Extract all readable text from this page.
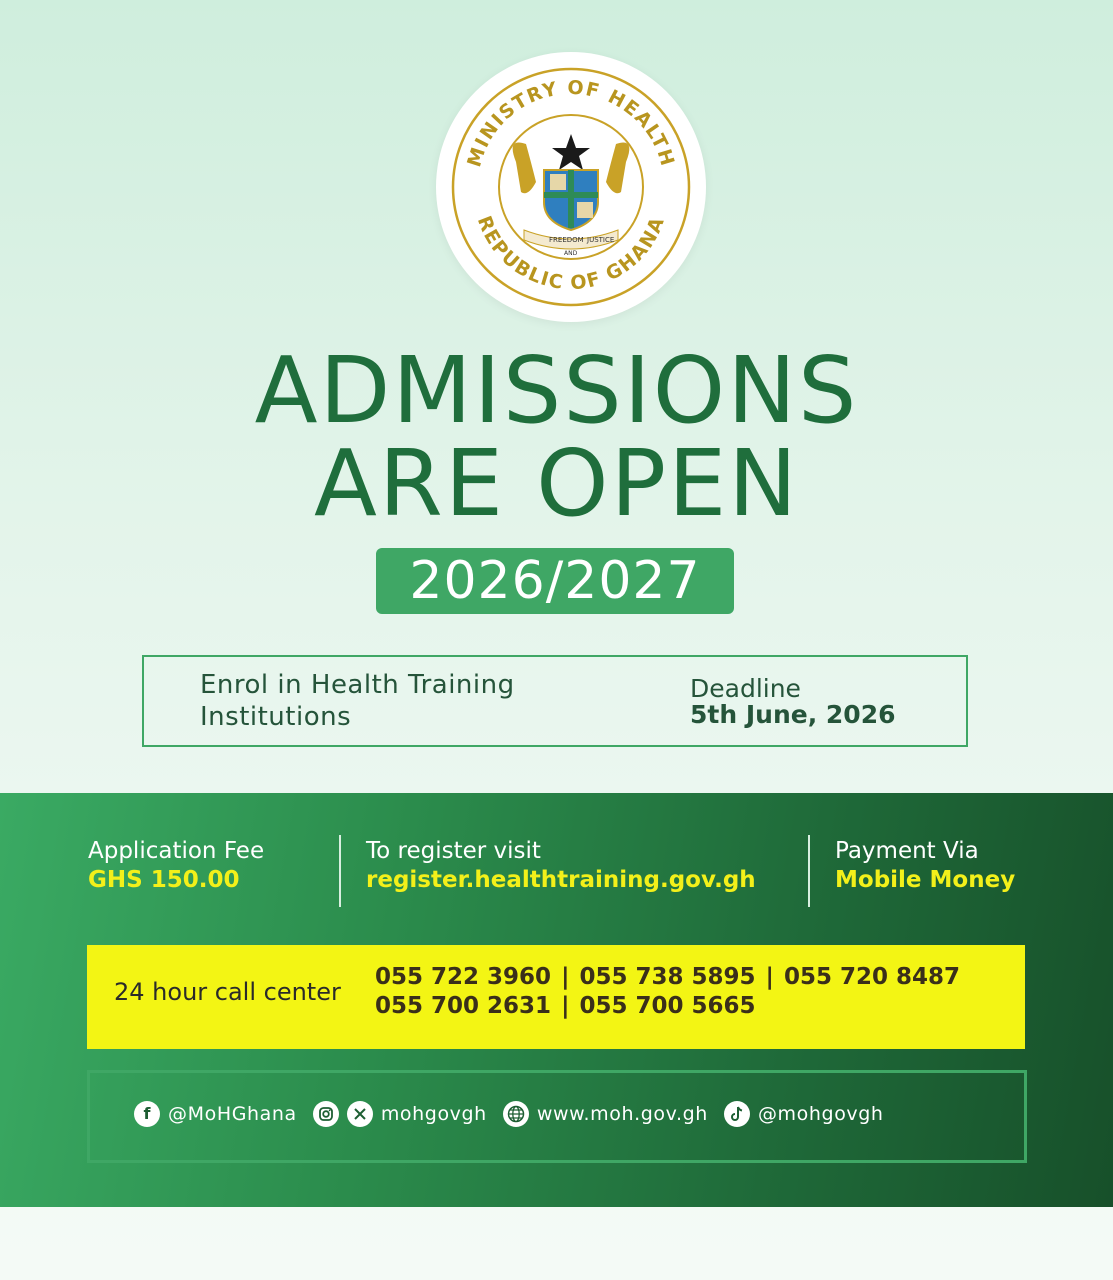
MINISTRY OF HEALTH
REPUBLIC OF GHANA
FREEDOM JUSTICE
AND
ADMISSIONS
ARE OPEN
2026/2027
Enrol in Health Training Institutions
Deadline
5th June, 2026
Application Fee
GHS 150.00
To register visit
register.healthtraining.gov.gh
Payment Via
Mobile Money
24 hour call center
055 722 3960 | 055 738 5895 | 055 720 8487
055 700 2631 | 055 700 5665
f @MoHGhana	mohgovgh	www.moh.gov.gh	@mohgovgh
